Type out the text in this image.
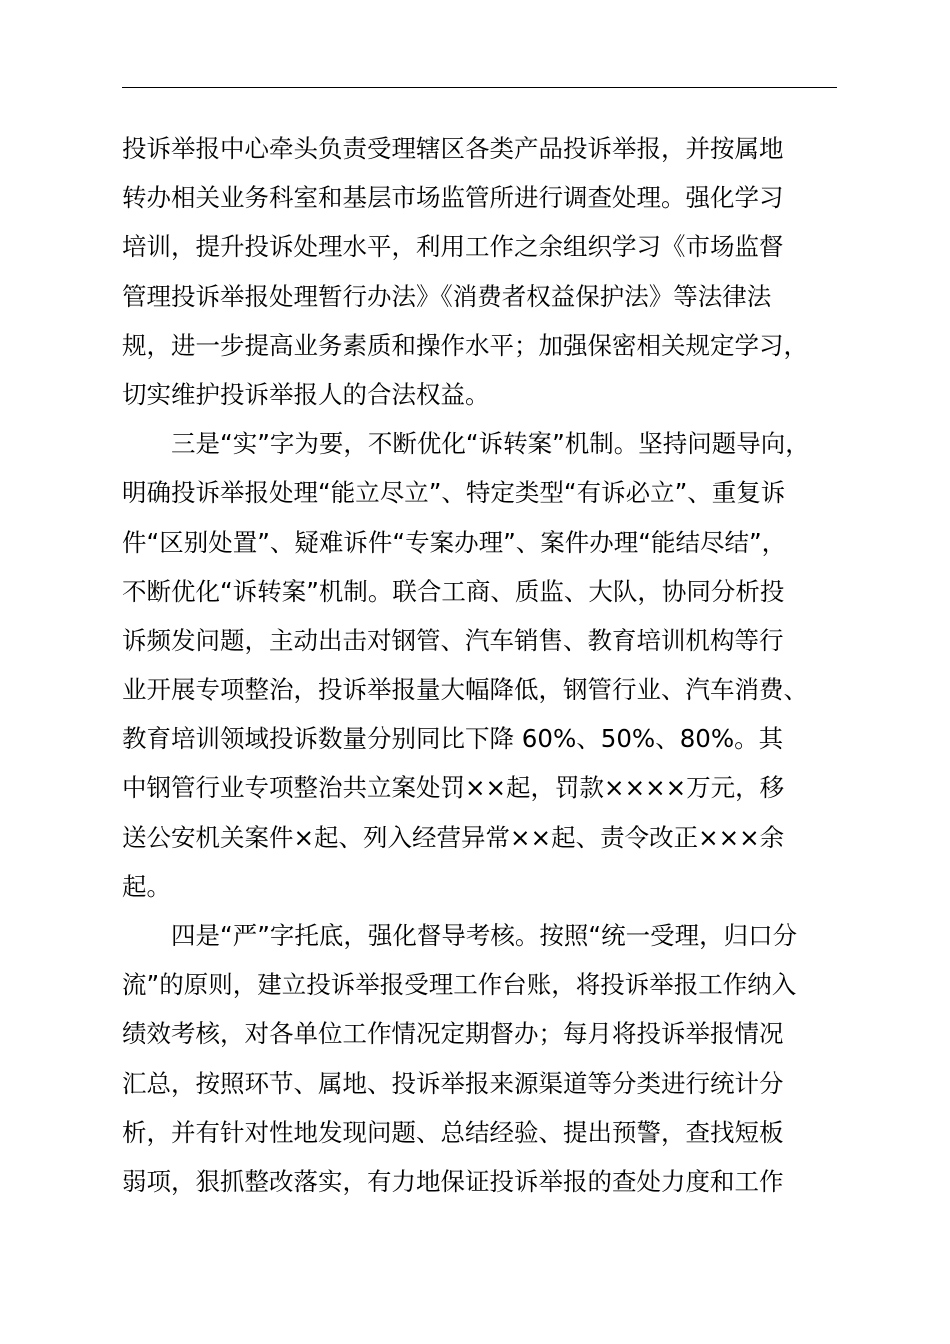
投诉举报中心牵头负责受理辖区各类产品投诉举报，并按属地
转办相关业务科室和基层市场监管所进行调查处理。强化学习
培训，提升投诉处理水平，利用工作之余组织学习《市场监督
管理投诉举报处理暂行办法》《消费者权益保护法》等法律法
规，进一步提高业务素质和操作水平；加强保密相关规定学习，
切实维护投诉举报人的合法权益。
　　三是“实”字为要，不断优化“诉转案”机制。坚持问题导向，
明确投诉举报处理“能立尽立”、特定类型“有诉必立”、重复诉
件“区别处置”、疑难诉件“专案办理”、案件办理“能结尽结”，
不断优化“诉转案”机制。联合工商、质监、大队，协同分析投
诉频发问题，主动出击对钢管、汽车销售、教育培训机构等行
业开展专项整治，投诉举报量大幅降低，钢管行业、汽车消费、
教育培训领域投诉数量分别同比下降 60%、50%、80%。其
中钢管行业专项整治共立案处罚××起，罚款××××万元，移
送公安机关案件×起、列入经营异常××起、责令改正×××余
起。
　　四是“严”字托底，强化督导考核。按照“统一受理，归口分
流”的原则，建立投诉举报受理工作台账，将投诉举报工作纳入
绩效考核，对各单位工作情况定期督办；每月将投诉举报情况
汇总，按照环节、属地、投诉举报来源渠道等分类进行统计分
析，并有针对性地发现问题、总结经验、提出预警，查找短板
弱项，狠抓整改落实，有力地保证投诉举报的查处力度和工作
